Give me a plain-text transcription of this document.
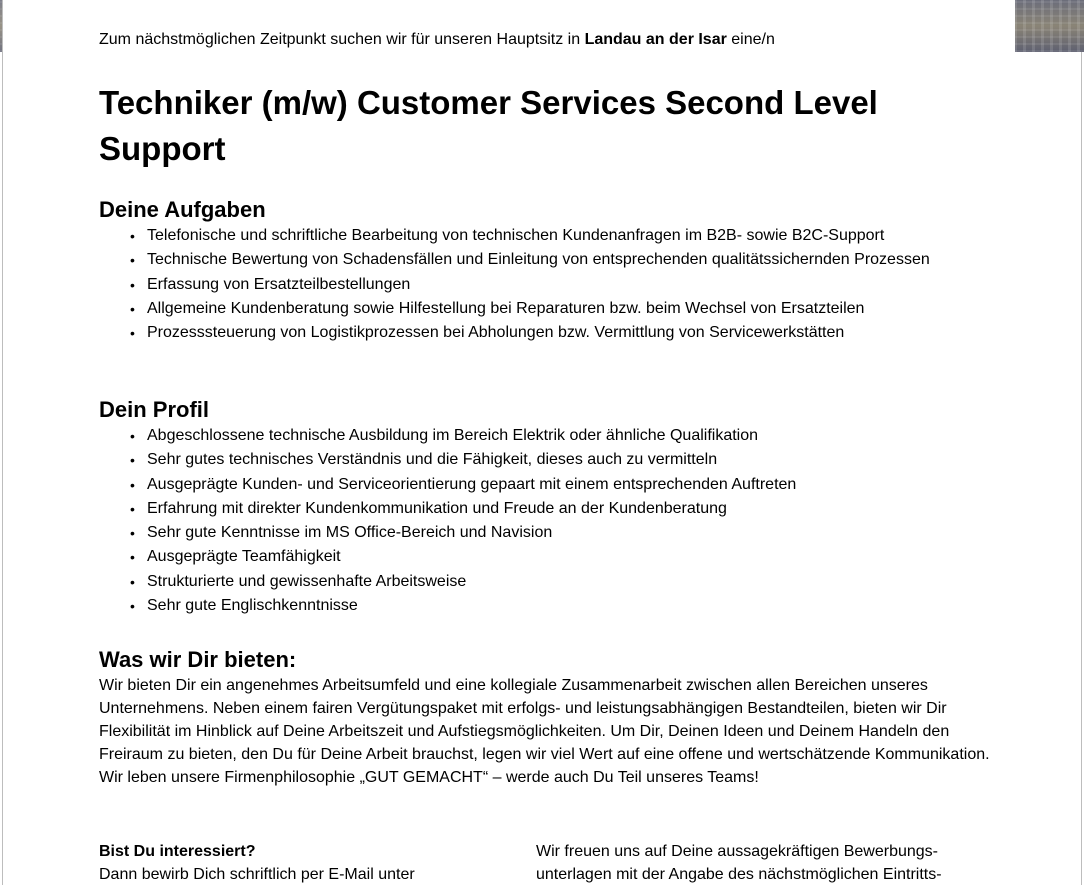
Zum nächstmöglichen Zeitpunkt suchen wir für unseren Hauptsitz in Landau an der Isar eine/n
Techniker (m/w) Customer Services Second Level Support
Deine Aufgaben
• Telefonische und schriftliche Bearbeitung von technischen Kundenanfragen im B2B- sowie B2C-Support
• Technische Bewertung von Schadensfällen und Einleitung von entsprechenden qualitätssichernden Prozessen
• Erfassung von Ersatzteilbestellungen
• Allgemeine Kundenberatung sowie Hilfestellung bei Reparaturen bzw. beim Wechsel von Ersatzteilen
• Prozesssteuerung von Logistikprozessen bei Abholungen bzw. Vermittlung von Servicewerkstätten
Dein Profil
• Abgeschlossene technische Ausbildung im Bereich Elektrik oder ähnliche Qualifikation
• Sehr gutes technisches Verständnis und die Fähigkeit, dieses auch zu vermitteln
• Ausgeprägte Kunden- und Serviceorientierung gepaart mit einem entsprechenden Auftreten
• Erfahrung mit direkter Kundenkommunikation und Freude an der Kundenberatung
• Sehr gute Kenntnisse im MS Office-Bereich und Navision
• Ausgeprägte Teamfähigkeit
• Strukturierte und gewissenhafte Arbeitsweise
• Sehr gute Englischkenntnisse
Was wir Dir bieten:

Wir bieten Dir ein angenehmes Arbeitsumfeld und eine kollegiale Zusammenarbeit zwischen allen Bereichen unseres Unternehmens. Neben einem fairen Vergütungspaket mit erfolgs- und leistungsabhängigen Bestandteilen, bieten wir Dir Flexibilität im Hinblick auf Deine Arbeitszeit und Aufstiegsmöglichkeiten. Um Dir, Deinen Ideen und Deinem Handeln den Freiraum zu bieten, den Du für Deine Arbeit brauchst, legen wir viel Wert auf eine offene und wertschätzende Kommunikation. Wir leben unsere Firmenphilosophie „GUT GEMACHT“ – werde auch Du Teil unseres Teams!

Bist Du interessiert?
Dann bewirb Dich schriftlich per E-Mail unter
Wir freuen uns auf Deine aussagekräftigen Bewerbungs-unterlagen mit der Angabe des nächstmöglichen Eintritts-
